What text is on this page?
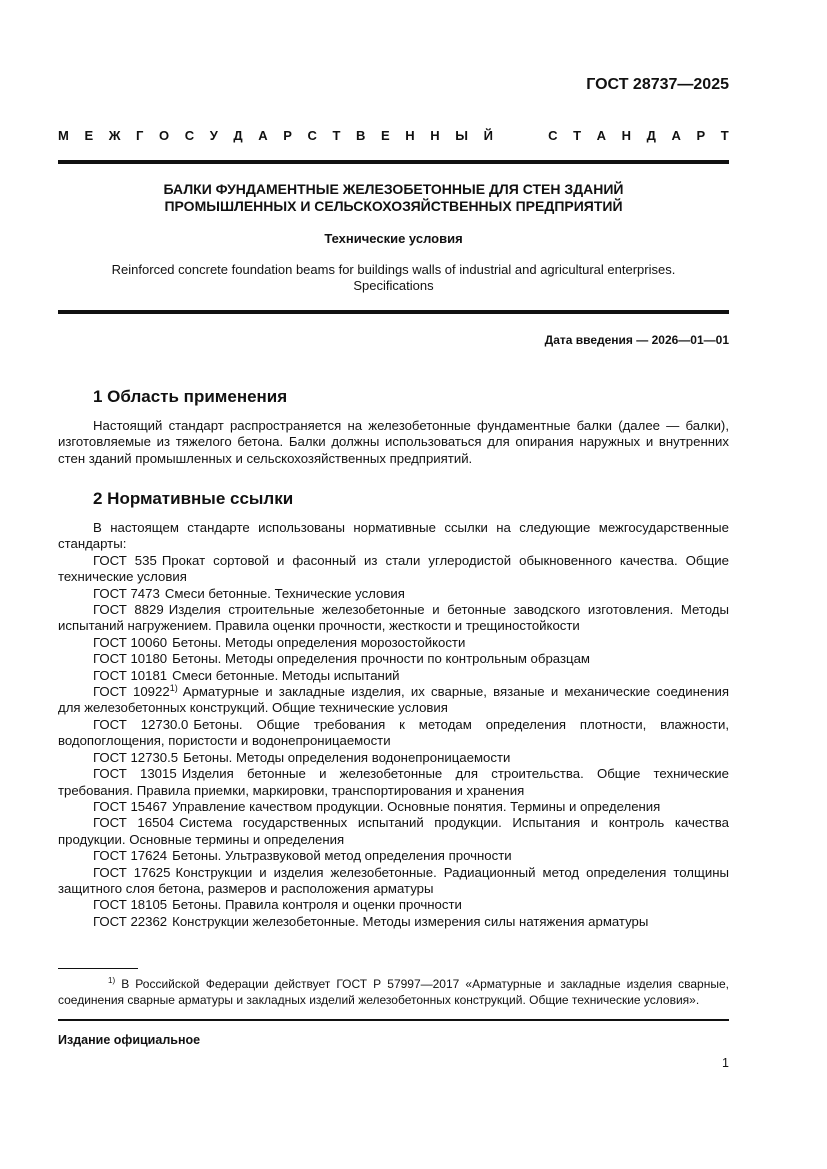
ГОСТ 28737—2025
М Е Ж Г О С У Д А Р С Т В Е Н Н Ы Й	С Т А Н Д А Р Т
БАЛКИ ФУНДАМЕНТНЫЕ ЖЕЛЕЗОБЕТОННЫЕ ДЛЯ СТЕН ЗДАНИЙ
ПРОМЫШЛЕННЫХ И СЕЛЬСКОХОЗЯЙСТВЕННЫХ ПРЕДПРИЯТИЙ
Технические условия
Reinforced concrete foundation beams for buildings walls of industrial and agricultural enterprises.
Specifications
Дата введения — 2026—01—01
1 Область применения

Настоящий стандарт распространяется на железобетонные фундаментные балки (далее — балки), изготовляемые из тяжелого бетона. Балки должны использоваться для опирания наружных и внутренних стен зданий промышленных и сельскохозяйственных предприятий.

2 Нормативные ссылки

В настоящем стандарте использованы нормативные ссылки на следующие межгосударственные стандарты:

ГОСТ 535 Прокат сортовой и фасонный из стали углеродистой обыкновенного качества. Общие технические условия

ГОСТ 7473 Смеси бетонные. Технические условия

ГОСТ 8829 Изделия строительные железобетонные и бетонные заводского изготовления. Методы испытаний нагружением. Правила оценки прочности, жесткости и трещиностойкости

ГОСТ 10060 Бетоны. Методы определения морозостойкости

ГОСТ 10180 Бетоны. Методы определения прочности по контрольным образцам

ГОСТ 10181 Смеси бетонные. Методы испытаний

ГОСТ 10922$^{1)}$ Арматурные и закладные изделия, их сварные, вязаные и механические соединения для железобетонных конструкций. Общие технические условия

ГОСТ 12730.0 Бетоны. Общие требования к методам определения плотности, влажности, водопоглощения, пористости и водонепроницаемости

ГОСТ 12730.5 Бетоны. Методы определения водонепроницаемости

ГОСТ 13015 Изделия бетонные и железобетонные для строительства. Общие технические требования. Правила приемки, маркировки, транспортирования и хранения

ГОСТ 15467 Управление качеством продукции. Основные понятия. Термины и определения

ГОСТ 16504 Система государственных испытаний продукции. Испытания и контроль качества продукции. Основные термины и определения

ГОСТ 17624 Бетоны. Ультразвуковой метод определения прочности

ГОСТ 17625 Конструкции и изделия железобетонные. Радиационный метод определения толщины защитного слоя бетона, размеров и расположения арматуры

ГОСТ 18105 Бетоны. Правила контроля и оценки прочности

ГОСТ 22362 Конструкции железобетонные. Методы измерения силы натяжения арматуры

$^{1)}$ В Российской Федерации действует ГОСТ Р 57997—2017 «Арматурные и закладные изделия сварные, соединения сварные арматуры и закладных изделий железобетонных конструкций. Общие технические условия».

Издание официальное
1
